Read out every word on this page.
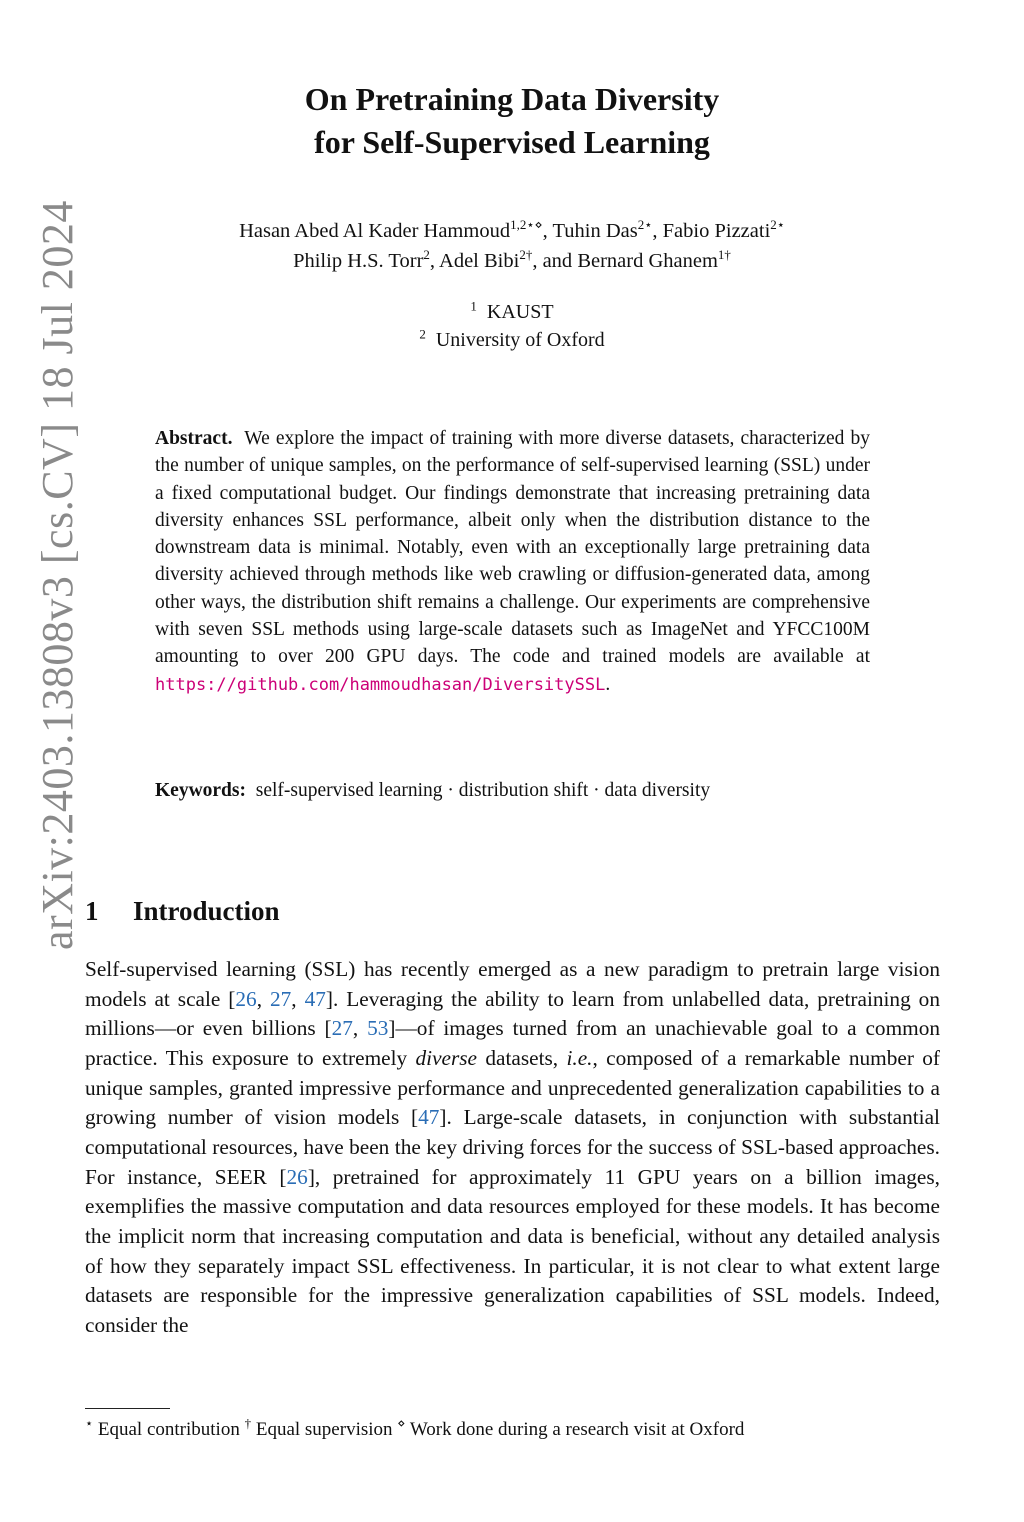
arXiv:2403.13808v3 [cs.CV] 18 Jul 2024
On Pretraining Data Diversity
for Self-Supervised Learning
Hasan Abed Al Kader Hammoud$^{1,2⋆⋄}$, Tuhin Das$^{2⋆}$, Fabio Pizzati$^{2⋆}$
Philip H.S. Torr$^2$, Adel Bibi$^{2\dagger}$, and Bernard Ghanem$^{1\dagger}$
$^1$ KAUST
$^2$ University of Oxford
Abstract. We explore the impact of training with more diverse datasets, characterized by the number of unique samples, on the performance of self-supervised learning (SSL) under a fixed computational budget. Our findings demonstrate that increasing pretraining data diversity enhances SSL performance, albeit only when the distribution distance to the downstream data is minimal. Notably, even with an exceptionally large pretraining data diversity achieved through methods like web crawling or diffusion-generated data, among other ways, the distribution shift remains a challenge. Our experiments are comprehensive with seven SSL methods using large-scale datasets such as ImageNet and YFCC100M amounting to over 200 GPU days. The code and trained models are available at https://github.com/hammoudhasan/DiversitySSL.
Keywords: self-supervised learning · distribution shift · data diversity
1 Introduction
Self-supervised learning (SSL) has recently emerged as a new paradigm to pretrain large vision models at scale [26, 27, 47]. Leveraging the ability to learn from unlabelled data, pretraining on millions—or even billions [27, 53]—of images turned from an unachievable goal to a common practice. This exposure to extremely diverse datasets, i.e., composed of a remarkable number of unique samples, granted impressive performance and unprecedented generalization capabilities to a growing number of vision models [47]. Large-scale datasets, in conjunction with substantial computational resources, have been the key driving forces for the success of SSL-based approaches. For instance, SEER [26], pretrained for approximately 11 GPU years on a billion images, exemplifies the massive computation and data resources employed for these models. It has become the implicit norm that increasing computation and data is beneficial, without any detailed analysis of how they separately impact SSL effectiveness. In particular, it is not clear to what extent large datasets are responsible for the impressive generalization capabilities of SSL models. Indeed, consider the
⋆ Equal contribution † Equal supervision ⋄ Work done during a research visit at Oxford
